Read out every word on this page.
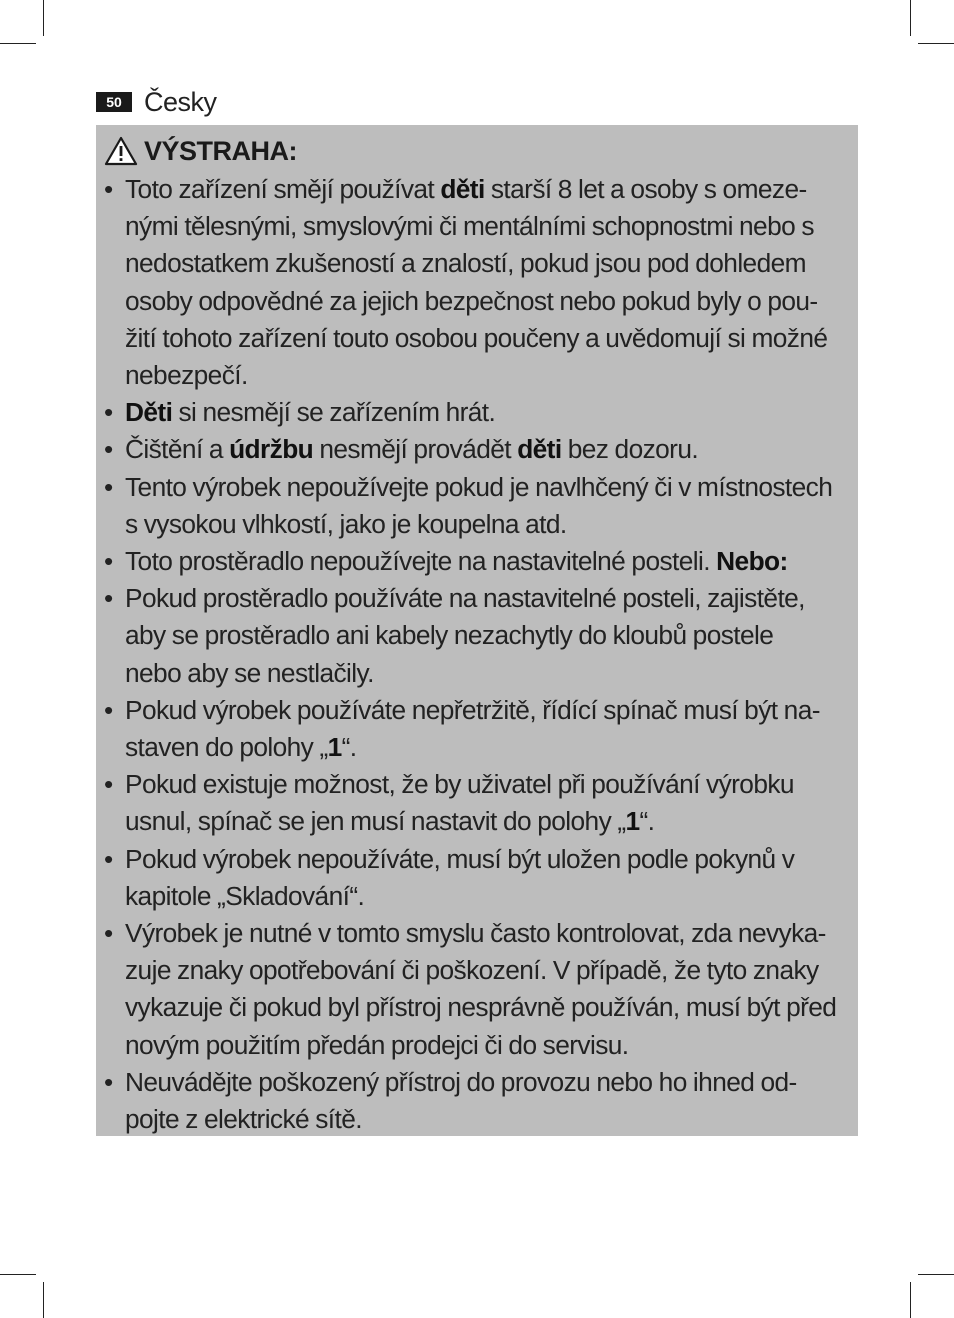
50 Česky
VÝSTRAHA:
• Toto zařízení smějí používat děti starší 8 let a osoby s omeze-
nými tělesnými, smyslovými či mentálními schopnostmi nebo s
nedostatkem zkušeností a znalostí, pokud jsou pod dohledem
osoby odpovědné za jejich bezpečnost nebo pokud byly o pou-
žití tohoto zařízení touto osobou poučeny a uvědomují si možné
nebezpečí.
• Děti si nesmějí se zařízením hrát.
• Čištění a údržbu nesmějí provádět děti bez dozoru.
• Tento výrobek nepoužívejte pokud je navlhčený či v místnostech
s vysokou vlhkostí, jako je koupelna atd.
• Toto prostěradlo nepoužívejte na nastavitelné posteli. Nebo:
• Pokud prostěradlo používáte na nastavitelné posteli, zajistěte,
aby se prostěradlo ani kabely nezachytly do kloubů postele
nebo aby se nestlačily.
• Pokud výrobek používáte nepřetržitě, řídící spínač musí být na-
staven do polohy „1“.
• Pokud existuje možnost, že by uživatel při používání výrobku
usnul, spínač se jen musí nastavit do polohy „1“.
• Pokud výrobek nepoužíváte, musí být uložen podle pokynů v
kapitole „Skladování“.
• Výrobek je nutné v tomto smyslu často kontrolovat, zda nevyka-
zuje znaky opotřebování či poškození. V případě, že tyto znaky
vykazuje či pokud byl přístroj nesprávně používán, musí být před
novým použitím předán prodejci či do servisu.
• Neuvádějte poškozený přístroj do provozu nebo ho ihned od-
pojte z elektrické sítě.
